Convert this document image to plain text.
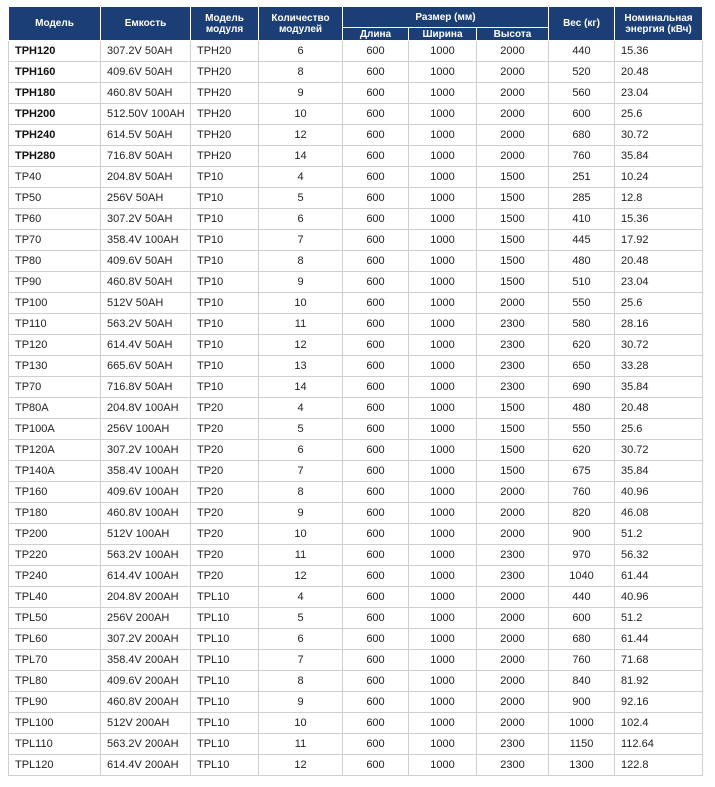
Модель	Емкость	Модель модуля	Количество модулей	Размер (мм)			Вес (кг)	Номинальная энергия (кВч)
				Длина	Ширина	Высота		
TPH120	307.2V 50AH	TPH20	6	600	1000	2000	440	15.36
TPH160	409.6V 50AH	TPH20	8	600	1000	2000	520	20.48
TPH180	460.8V 50AH	TPH20	9	600	1000	2000	560	23.04
TPH200	512.50V 100AH	TPH20	10	600	1000	2000	600	25.6
TPH240	614.5V 50AH	TPH20	12	600	1000	2000	680	30.72
TPH280	716.8V 50AH	TPH20	14	600	1000	2000	760	35.84
TP40	204.8V 50AH	TP10	4	600	1000	1500	251	10.24
TP50	256V 50AH	TP10	5	600	1000	1500	285	12.8
TP60	307.2V 50AH	TP10	6	600	1000	1500	410	15.36
TP70	358.4V 100AH	TP10	7	600	1000	1500	445	17.92
TP80	409.6V 50AH	TP10	8	600	1000	1500	480	20.48
TP90	460.8V 50AH	TP10	9	600	1000	1500	510	23.04
TP100	512V 50AH	TP10	10	600	1000	2000	550	25.6
TP110	563.2V 50AH	TP10	11	600	1000	2300	580	28.16
TP120	614.4V 50AH	TP10	12	600	1000	2300	620	30.72
TP130	665.6V 50AH	TP10	13	600	1000	2300	650	33.28
TP70	716.8V 50AH	TP10	14	600	1000	2300	690	35.84
TP80A	204.8V 100AH	TP20	4	600	1000	1500	480	20.48
TP100A	256V 100AH	TP20	5	600	1000	1500	550	25.6
TP120A	307.2V 100AH	TP20	6	600	1000	1500	620	30.72
TP140A	358.4V 100AH	TP20	7	600	1000	1500	675	35.84
TP160	409.6V 100AH	TP20	8	600	1000	2000	760	40.96
TP180	460.8V 100AH	TP20	9	600	1000	2000	820	46.08
TP200	512V 100AH	TP20	10	600	1000	2000	900	51.2
TP220	563.2V 100AH	TP20	11	600	1000	2300	970	56.32
TP240	614.4V 100AH	TP20	12	600	1000	2300	1040	61.44
TPL40	204.8V 200AH	TPL10	4	600	1000	2000	440	40.96
TPL50	256V 200AH	TPL10	5	600	1000	2000	600	51.2
TPL60	307.2V 200AH	TPL10	6	600	1000	2000	680	61.44
TPL70	358.4V 200AH	TPL10	7	600	1000	2000	760	71.68
TPL80	409.6V 200AH	TPL10	8	600	1000	2000	840	81.92
TPL90	460.8V 200AH	TPL10	9	600	1000	2000	900	92.16
TPL100	512V 200AH	TPL10	10	600	1000	2000	1000	102.4
TPL110	563.2V 200AH	TPL10	11	600	1000	2300	1150	112.64
TPL120	614.4V 200AH	TPL10	12	600	1000	2300	1300	122.8
